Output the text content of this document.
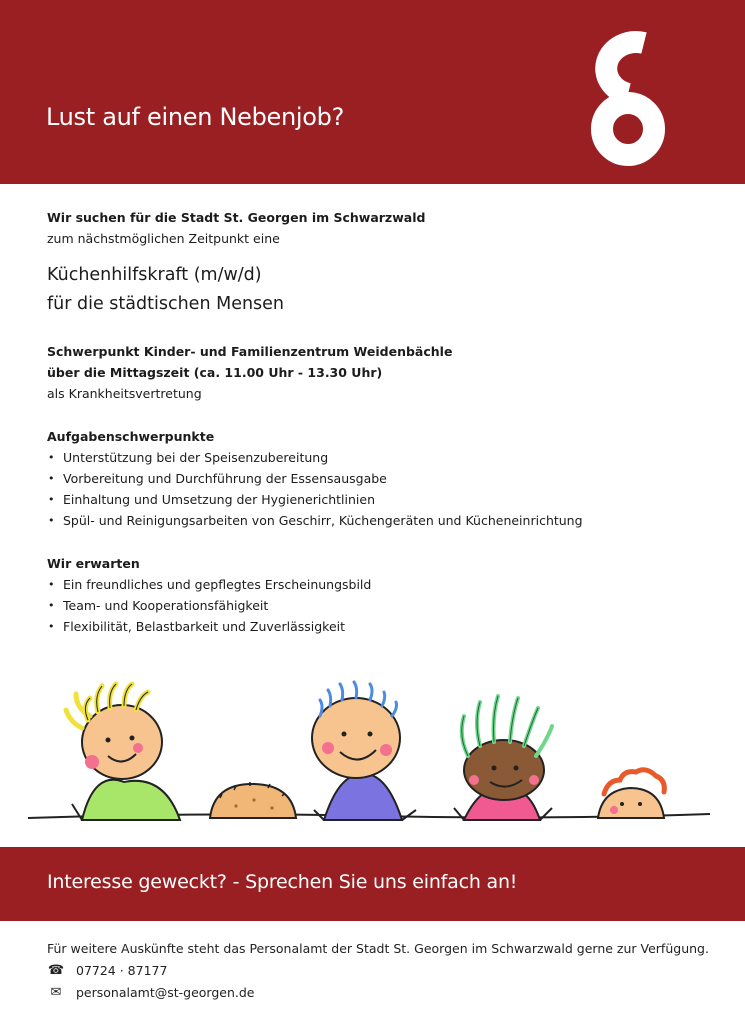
Lust auf einen Nebenjob?
Wir suchen für die Stadt St. Georgen im Schwarzwald
zum nächstmöglichen Zeitpunkt eine
Küchenhilfskraft (m/w/d)
für die städtischen Mensen
Schwerpunkt Kinder- und Familienzentrum Weidenbächle
über die Mittagszeit (ca. 11.00 Uhr - 13.30 Uhr)
als Krankheitsvertretung
Aufgabenschwerpunkte
• Unterstützung bei der Speisenzubereitung
• Vorbereitung und Durchführung der Essensausgabe
• Einhaltung und Umsetzung der Hygienerichtlinien
• Spül- und Reinigungsarbeiten von Geschirr, Küchengeräten und Kücheneinrichtung
Wir erwarten
• Ein freundliches und gepflegtes Erscheinungsbild
• Team- und Kooperationsfähigkeit
• Flexibilität, Belastbarkeit und Zuverlässigkeit
Interesse geweckt? - Sprechen Sie uns einfach an!
Für weitere Auskünfte steht das Personalamt der Stadt St. Georgen im Schwarzwald gerne zur Verfügung.
☎ 07724 · 87177
✉ personalamt@st-georgen.de
